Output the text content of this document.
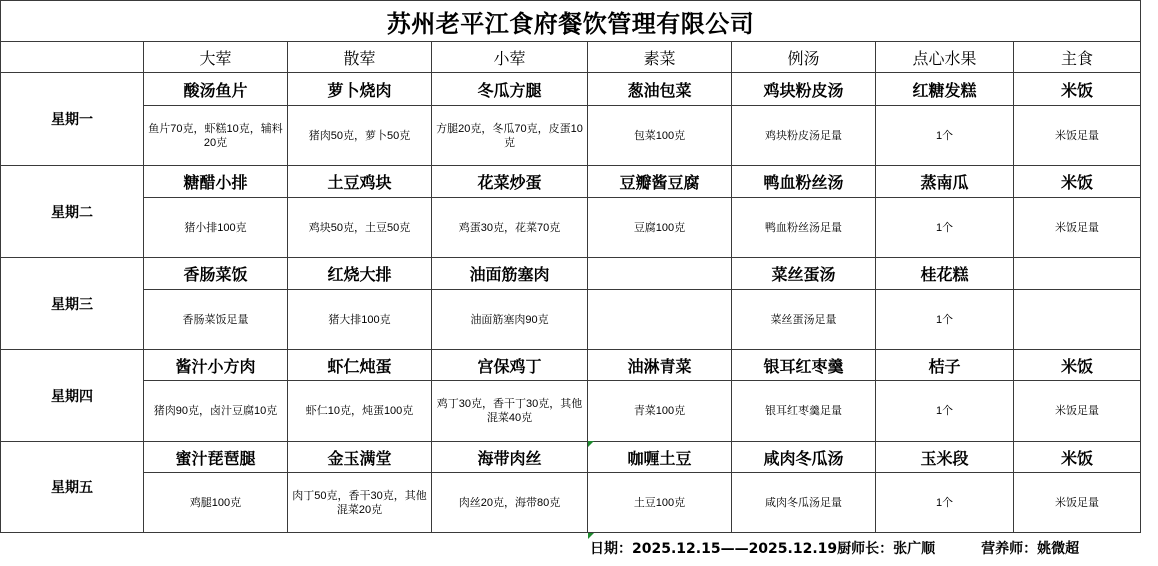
苏州老平江食府餐饮管理有限公司							
	大荤	散荤	小荤	素菜	例汤	点心水果	主食
星期一	酸汤鱼片	萝卜烧肉	冬瓜方腿	葱油包菜	鸡块粉皮汤	红糖发糕	米饭
	鱼片70克，虾糕10克，辅料20克	猪肉50克，萝卜50克	方腿20克，冬瓜70克，皮蛋10克	包菜100克	鸡块粉皮汤足量	1个	米饭足量
星期二	糖醋小排	土豆鸡块	花菜炒蛋	豆瓣酱豆腐	鸭血粉丝汤	蒸南瓜	米饭
	猪小排100克	鸡块50克，土豆50克	鸡蛋30克，花菜70克	豆腐100克	鸭血粉丝汤足量	1个	米饭足量
星期三	香肠菜饭	红烧大排	油面筋塞肉		菜丝蛋汤	桂花糕	
	香肠菜饭足量	猪大排100克	油面筋塞肉90克		菜丝蛋汤足量	1个	
星期四	酱汁小方肉	虾仁炖蛋	宫保鸡丁	油淋青菜	银耳红枣羹	桔子	米饭
	猪肉90克，卤汁豆腐10克	虾仁10克，炖蛋100克	鸡丁30克，香干丁30克，其他混菜40克	青菜100克	银耳红枣羹足量	1个	米饭足量
星期五	蜜汁琵琶腿	金玉满堂	海带肉丝	咖喱土豆	咸肉冬瓜汤	玉米段	米饭
	鸡腿100克	肉丁50克，香干30克，其他混菜20克	肉丝20克，海带80克	土豆100克	咸肉冬瓜汤足量	1个	米饭足量
日期：2025.12.15——2025.12.19厨师长：张广顺	营养师：姚微超
